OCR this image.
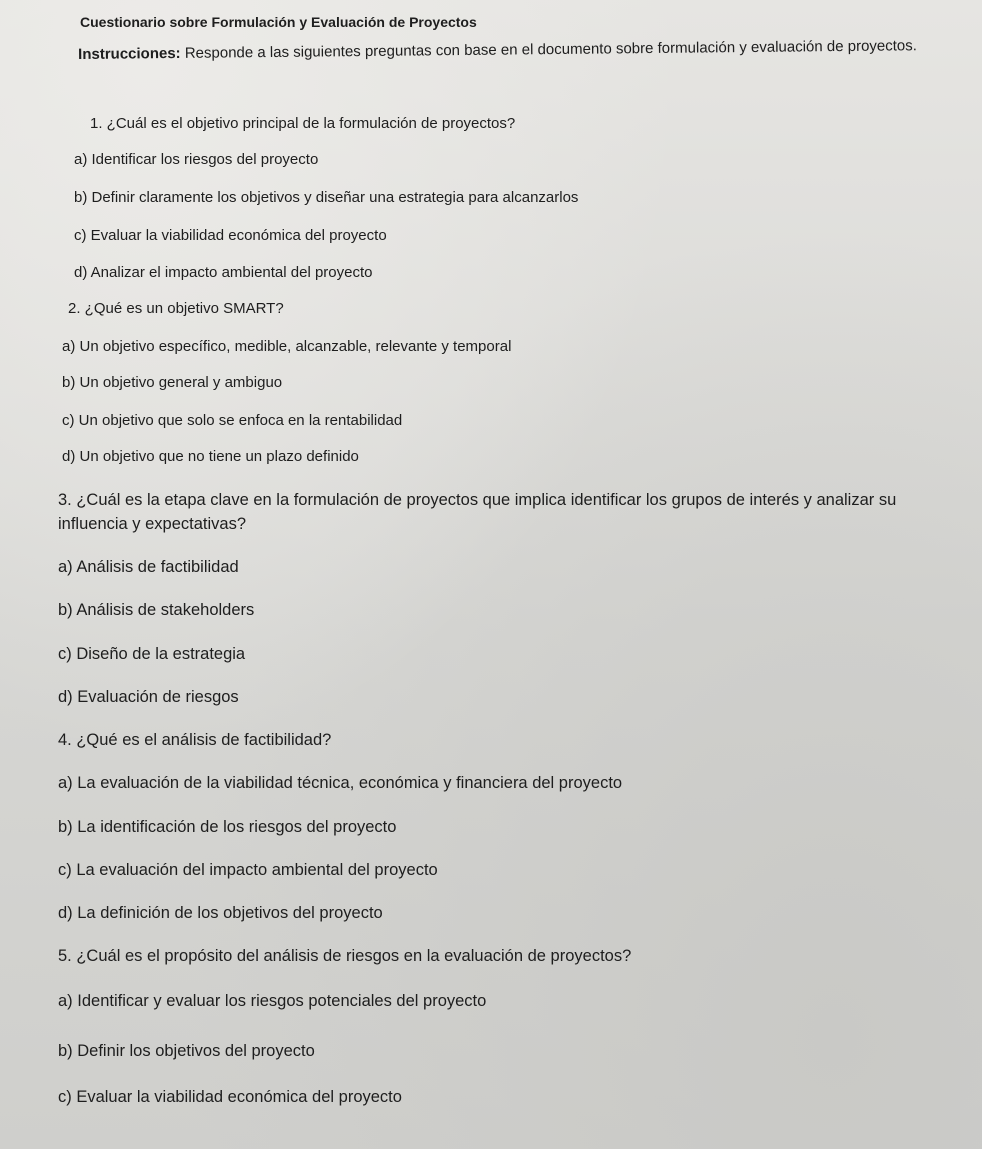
Cuestionario sobre Formulación y Evaluación de Proyectos
Instrucciones: Responde a las siguientes preguntas con base en el documento sobre formulación y evaluación de proyectos.
1. ¿Cuál es el objetivo principal de la formulación de proyectos?
a) Identificar los riesgos del proyecto
b) Definir claramente los objetivos y diseñar una estrategia para alcanzarlos
c) Evaluar la viabilidad económica del proyecto
d) Analizar el impacto ambiental del proyecto
2. ¿Qué es un objetivo SMART?
a) Un objetivo específico, medible, alcanzable, relevante y temporal
b) Un objetivo general y ambiguo
c) Un objetivo que solo se enfoca en la rentabilidad
d) Un objetivo que no tiene un plazo definido
3. ¿Cuál es la etapa clave en la formulación de proyectos que implica identificar los grupos de interés y analizar su
influencia y expectativas?
a) Análisis de factibilidad
b) Análisis de stakeholders
c) Diseño de la estrategia
d) Evaluación de riesgos
4. ¿Qué es el análisis de factibilidad?
a) La evaluación de la viabilidad técnica, económica y financiera del proyecto
b) La identificación de los riesgos del proyecto
c) La evaluación del impacto ambiental del proyecto
d) La definición de los objetivos del proyecto
5. ¿Cuál es el propósito del análisis de riesgos en la evaluación de proyectos?
a) Identificar y evaluar los riesgos potenciales del proyecto
b) Definir los objetivos del proyecto
c) Evaluar la viabilidad económica del proyecto
